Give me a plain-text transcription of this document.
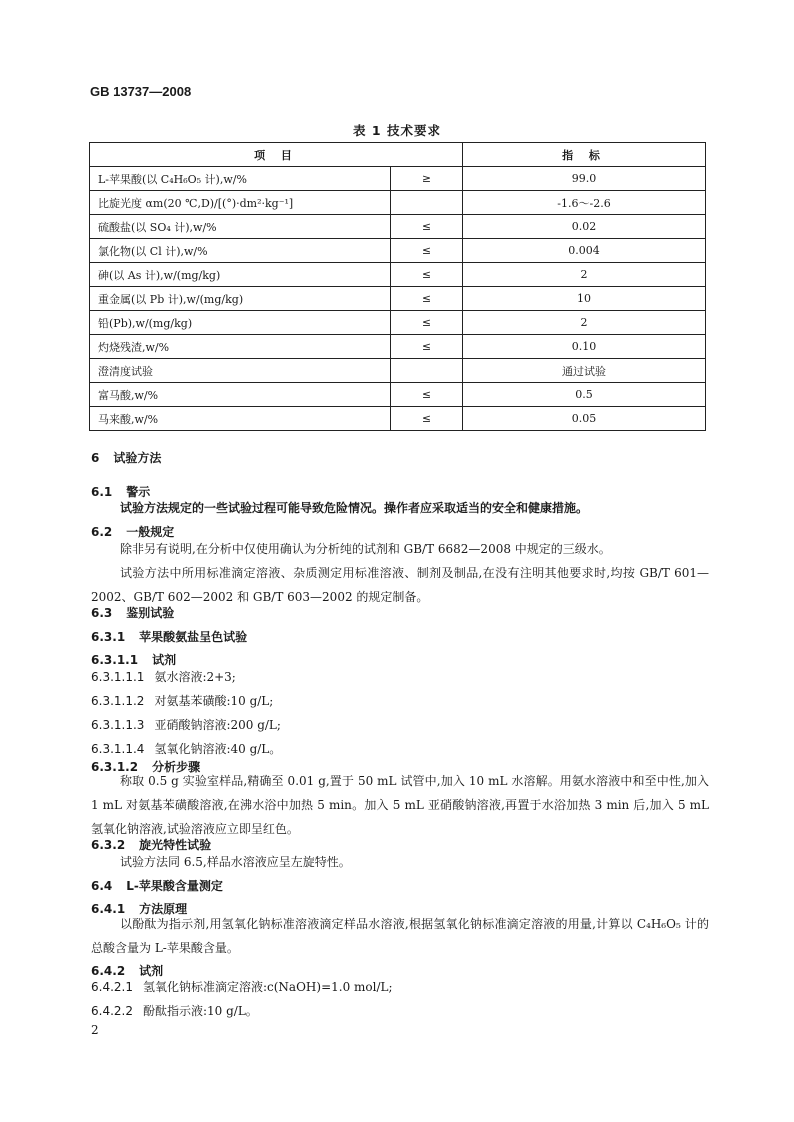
GB 13737—2008
表 1 技术要求
项 目		指 标
L-苹果酸(以 C₄H₆O₅ 计),w/%	≥	99.0
比旋光度 αm(20 ℃,D)/[(°)·dm²·kg⁻¹]		-1.6～-2.6
硫酸盐(以 SO₄ 计),w/%	≤	0.02
氯化物(以 Cl 计),w/%	≤	0.004
砷(以 As 计),w/(mg/kg)	≤	2
重金属(以 Pb 计),w/(mg/kg)	≤	10
铅(Pb),w/(mg/kg)	≤	2
灼烧残渣,w/%	≤	0.10
澄清度试验		通过试验
富马酸,w/%	≤	0.5
马来酸,w/%	≤	0.05
6 试验方法
6.1 警示

试验方法规定的一些试验过程可能导致危险情况。操作者应采取适当的安全和健康措施。

6.2 一般规定

除非另有说明,在分析中仅使用确认为分析纯的试剂和 GB/T 6682—2008 中规定的三级水。

试验方法中所用标准滴定溶液、杂质测定用标准溶液、制剂及制品,在没有注明其他要求时,均按 GB/T 601—2002、GB/T 602—2002 和 GB/T 603—2002 的规定制备。

6.3 鉴别试验
6.3.1 苹果酸氨盐呈色试验
6.3.1.1 试剂
6.3.1.1.1 氨水溶液:2+3;
6.3.1.1.2 对氨基苯磺酸:10 g/L;
6.3.1.1.3 亚硝酸钠溶液:200 g/L;
6.3.1.1.4 氢氧化钠溶液:40 g/L。
6.3.1.2 分析步骤

称取 0.5 g 实验室样品,精确至 0.01 g,置于 50 mL 试管中,加入 10 mL 水溶解。用氨水溶液中和至中性,加入 1 mL 对氨基苯磺酸溶液,在沸水浴中加热 5 min。加入 5 mL 亚硝酸钠溶液,再置于水浴加热 3 min 后,加入 5 mL 氢氧化钠溶液,试验溶液应立即呈红色。

6.3.2 旋光特性试验

试验方法同 6.5,样品水溶液应呈左旋特性。

6.4 L-苹果酸含量测定
6.4.1 方法原理

以酚酞为指示剂,用氢氧化钠标准溶液滴定样品水溶液,根据氢氧化钠标准滴定溶液的用量,计算以 C₄H₆O₅ 计的总酸含量为 L-苹果酸含量。

6.4.2 试剂
6.4.2.1 氢氧化钠标准滴定溶液:c(NaOH)=1.0 mol/L;
6.4.2.2 酚酞指示液:10 g/L。
2
